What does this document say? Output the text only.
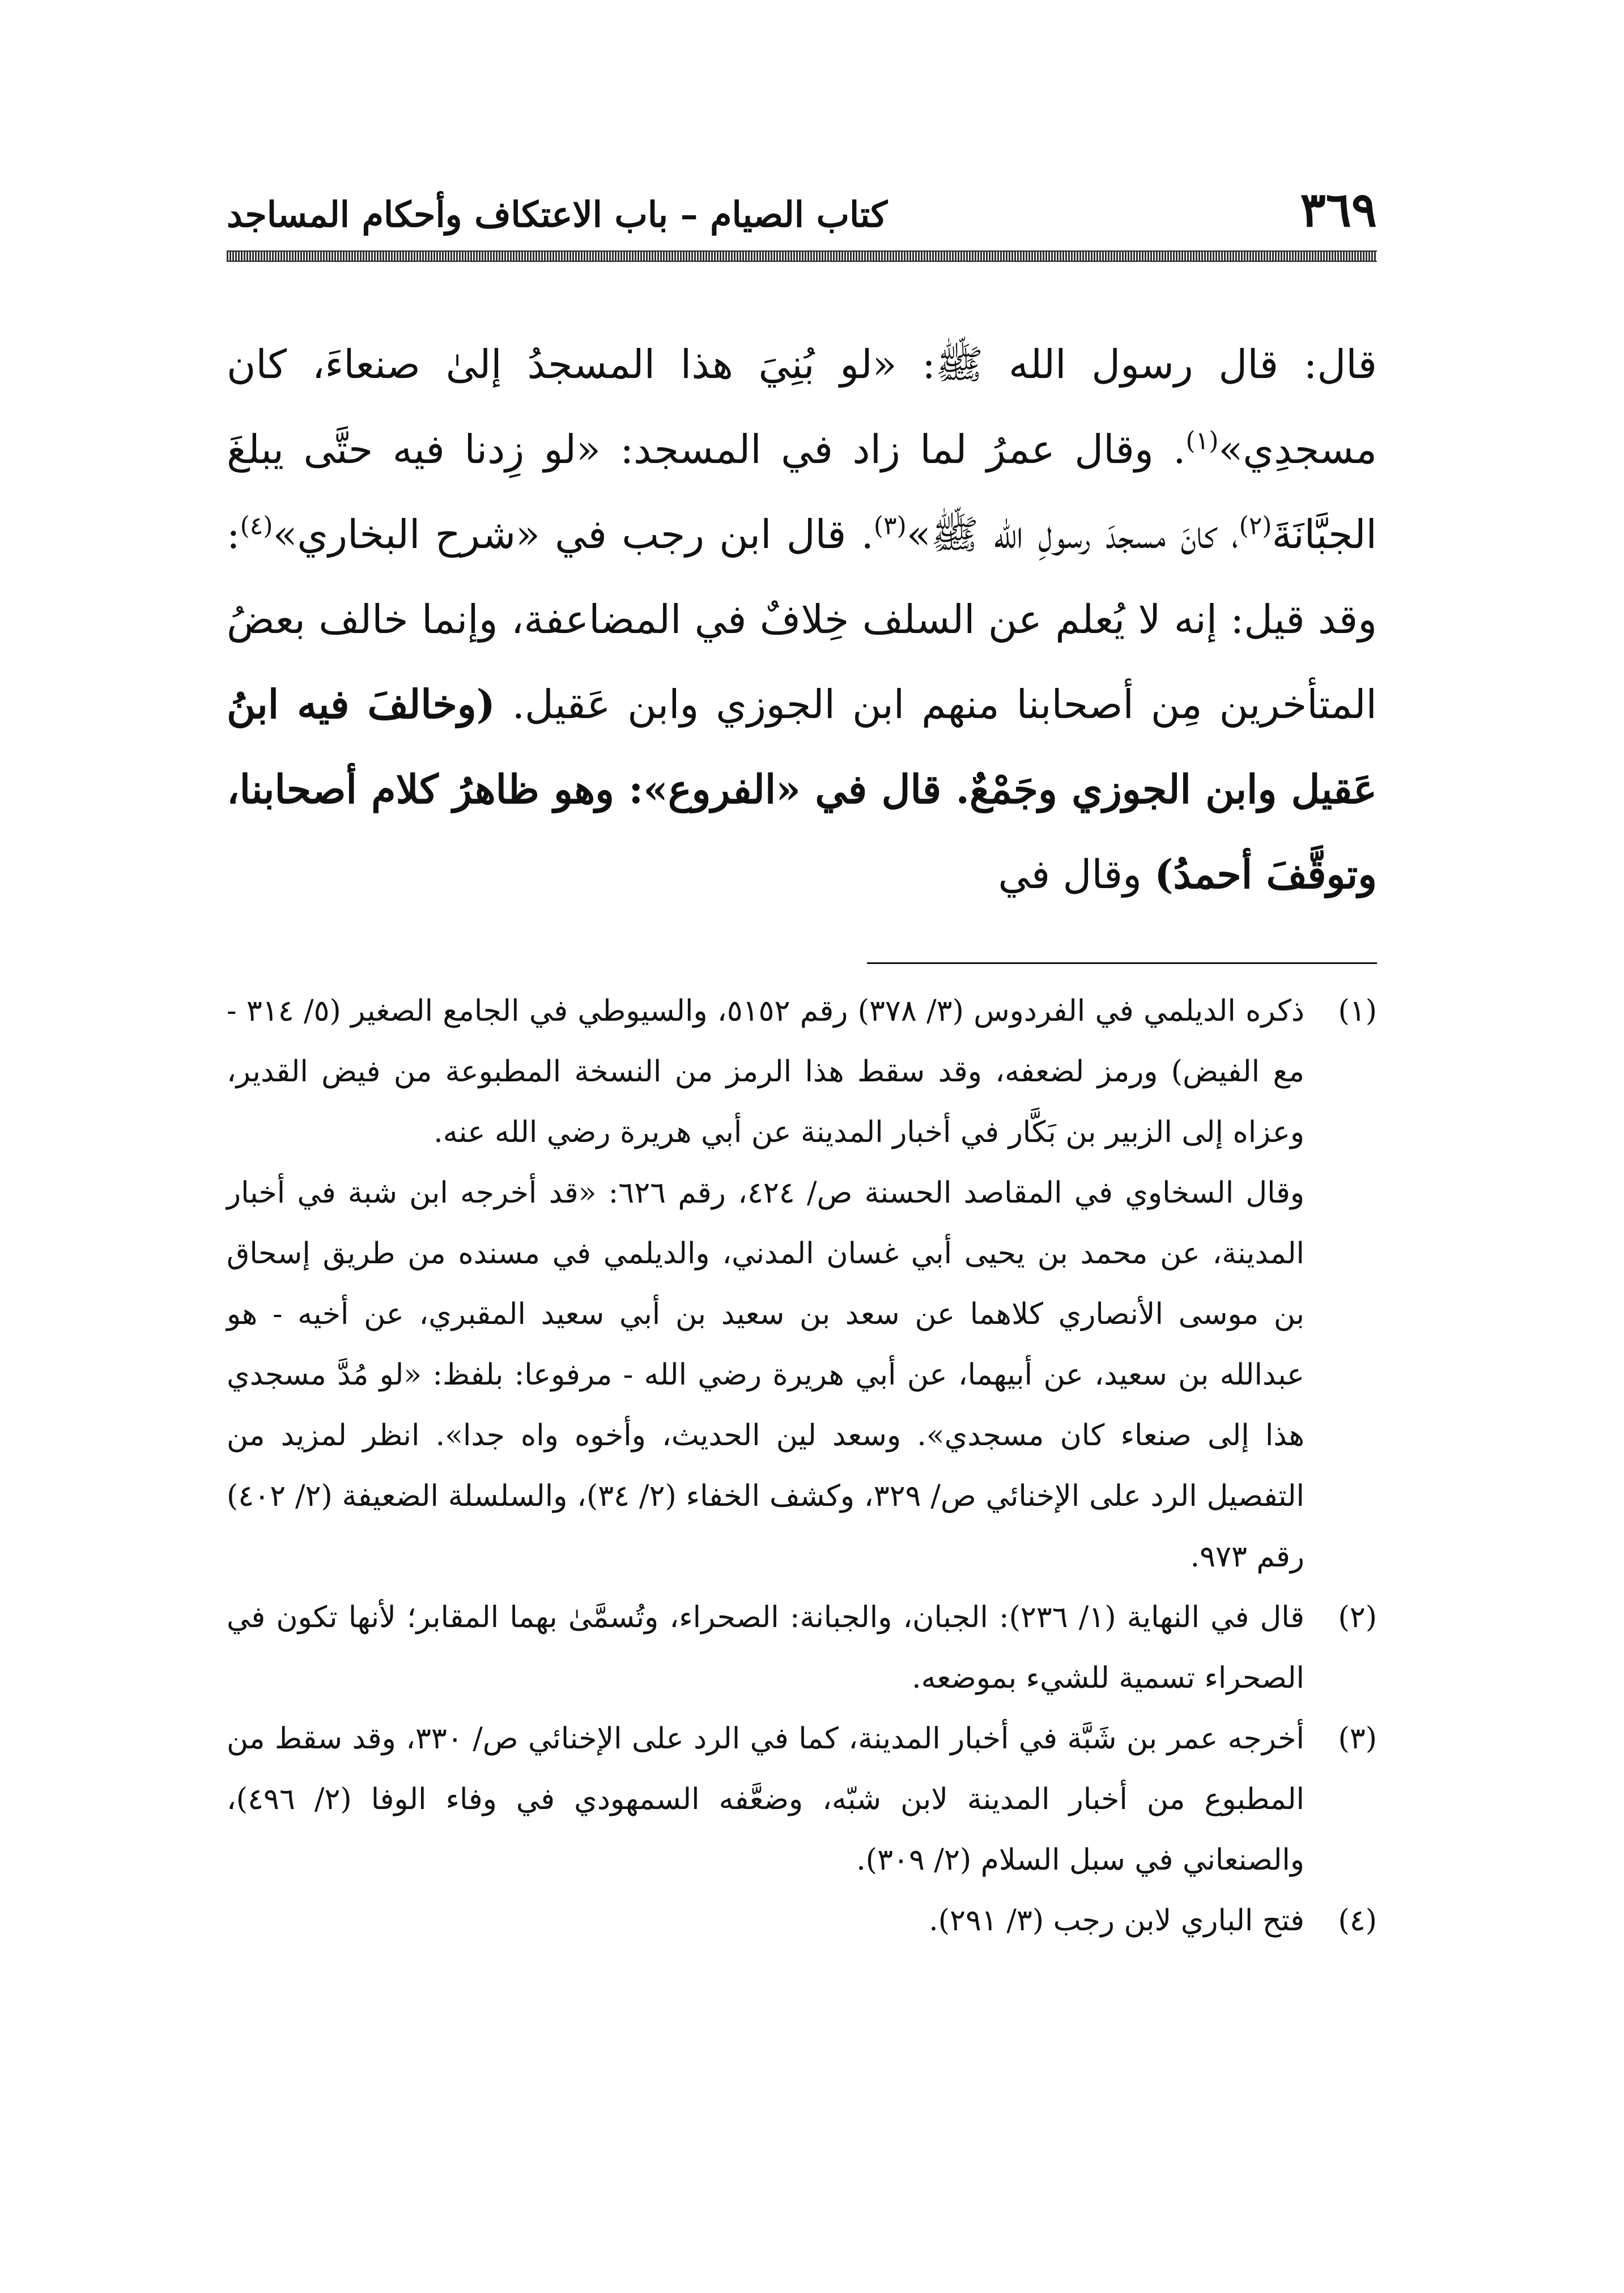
٣٦٩
كتاب الصيام – باب الاعتكاف وأحكام المساجد

قال: قال رسول الله ﷺ: «لو بُنِيَ هذا المسجدُ إلىٰ صنعاءَ، كان مسجدِي»$^{(١)}$. وقال عمرُ لما زاد في المسجد: «لو زِدنا فيه حتَّى يبلغَ الجبَّانَةَ$^{(٢)}$، كانَ مسجدَ رسولِ الله ﷺ»$^{(٣)}$. قال ابن رجب في «شرح البخاري»$^{(٤)}$: وقد قيل: إنه لا يُعلم عن السلف خِلافٌ في المضاعفة، وإنما خالف بعضُ المتأخرين مِن أصحابنا منهم ابن الجوزي وابن عَقيل. (وخالفَ فيه ابنُ عَقيل وابن الجوزي وجَمْعٌ. قال في «الفروع»: وهو ظاهرُ كلام أصحابنا، وتوقَّفَ أحمدُ) وقال في

(١)

ذكره الديلمي في الفردوس (٣/ ٣٧٨) رقم ٥١٥٢، والسيوطي في الجامع الصغير (٥/ ٣١٤ - مع الفيض) ورمز لضعفه، وقد سقط هذا الرمز من النسخة المطبوعة من فيض القدير، وعزاه إلى الزبير بن بَكَّار في أخبار المدينة عن أبي هريرة رضي الله عنه.

وقال السخاوي في المقاصد الحسنة ص/ ٤٢٤، رقم ٦٢٦: «قد أخرجه ابن شبة في أخبار المدينة، عن محمد بن يحيى أبي غسان المدني، والديلمي في مسنده من طريق إسحاق بن موسى الأنصاري كلاهما عن سعد بن سعيد بن أبي سعيد المقبري، عن أخيه - هو عبدالله بن سعيد، عن أبيهما، عن أبي هريرة رضي الله - مرفوعا: بلفظ: «لو مُدَّ مسجدي هذا إلى صنعاء كان مسجدي». وسعد لين الحديث، وأخوه واه جدا». انظر لمزيد من التفصيل الرد على الإخنائي ص/ ٣٢٩، وكشف الخفاء (٢/ ٣٤)، والسلسلة الضعيفة (٢/ ٤٠٢) رقم ٩٧٣.

(٢)

قال في النهاية (١/ ٢٣٦): الجبان، والجبانة: الصحراء، وتُسمَّىٰ بهما المقابر؛ لأنها تكون في الصحراء تسمية للشيء بموضعه.

(٣)

أخرجه عمر بن شَبَّة في أخبار المدينة، كما في الرد على الإخنائي ص/ ٣٣٠، وقد سقط من المطبوع من أخبار المدينة لابن شبّه، وضعَّفه السمهودي في وفاء الوفا (٢/ ٤٩٦)، والصنعاني في سبل السلام (٢/ ٣٠٩).

(٤)

فتح الباري لابن رجب (٣/ ٢٩١).
